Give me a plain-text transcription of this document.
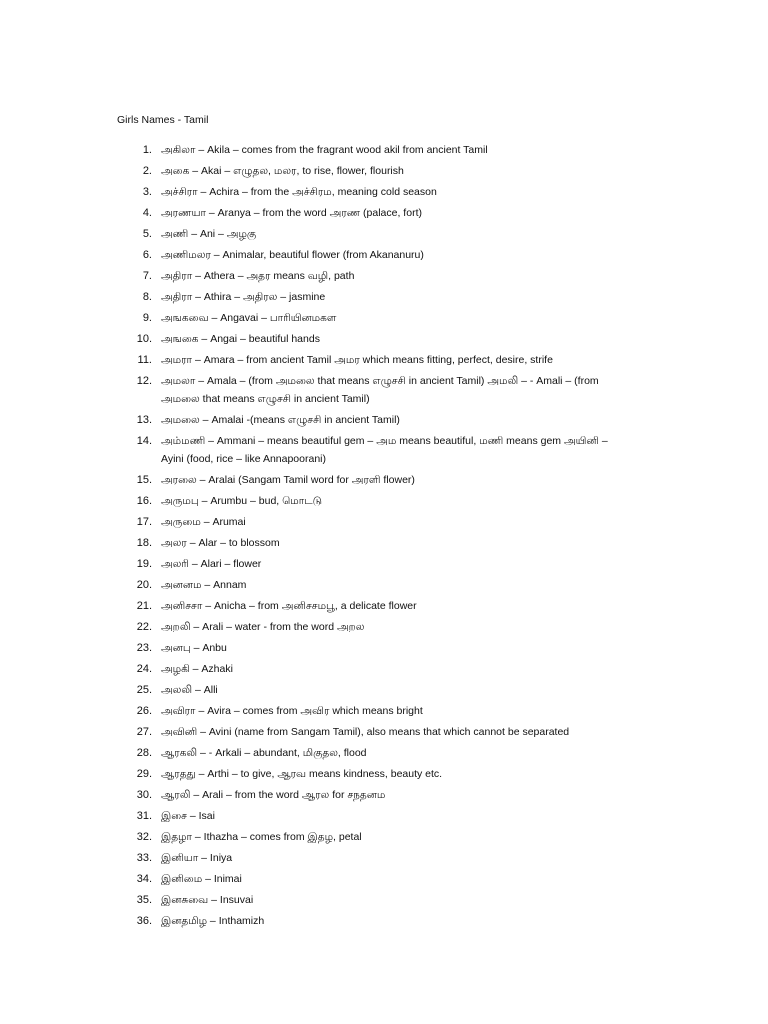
Girls Names - Tamil
1. அகிலா – Akila – comes from the fragrant wood akil from ancient Tamil
2. அகை – Akai – எழுதல, மலர, to rise, flower, flourish
3. அச்சிரா – Achira – from the அச்சிரம, meaning cold season
4. அரணயா – Aranya – from the word அரண (palace, fort)
5. அணி – Ani – அழகு
6. அணிமலர – Animalar, beautiful flower (from Akananuru)
7. அதிரா – Athera – அதர means வழி, path
8. அதிரா – Athira – அதிரல – jasmine
9. அஙகவை – Angavai – பாரியினமகள
10. அஙகை – Angai – beautiful hands
11. அமரா – Amara – from ancient Tamil அமர which means fitting, perfect, desire, strife
12. அமலா – Amala – (from அமலை that means எழுசசி in ancient Tamil) அமலி – - Amali – (from அமலை that means எழுசசி in ancient Tamil)
13. அமலை – Amalai -(means எழுசசி in ancient Tamil)
14. அம்மணி – Ammani – means beautiful gem – அம means beautiful, மணி means gem அயினி – Ayini (food, rice – like Annapoorani)
15. அரலை – Aralai (Sangam Tamil word for அரளி flower)
16. அருமபு – Arumbu – bud, மொடடு
17. அருமை – Arumai
18. அலர – Alar – to blossom
19. அலரி – Alari – flower
20. அனனம – Annam
21. அனிசசா – Anicha – from அனிசசமபூ, a delicate flower
22. அறலி – Arali – water - from the word அறல
23. அனபு – Anbu
24. அழகி – Azhaki
25. அலலி – Alli
26. அவிரா – Avira – comes from அவிர which means bright
27. அவினி – Avini (name from Sangam Tamil), also means that which cannot be separated
28. ஆரகலி – - Arkali – abundant, மிகுதல, flood
29. ஆரதது – Arthi – to give, ஆரவ means kindness, beauty etc.
30. ஆரலி – Arali – from the word ஆரல for சநதனம
31. இசை – Isai
32. இதழா – Ithazha – comes from இதழ, petal
33. இனியா – Iniya
34. இனிமை – Inimai
35. இனசுவை – Insuvai
36. இனதமிழ – Inthamizh
